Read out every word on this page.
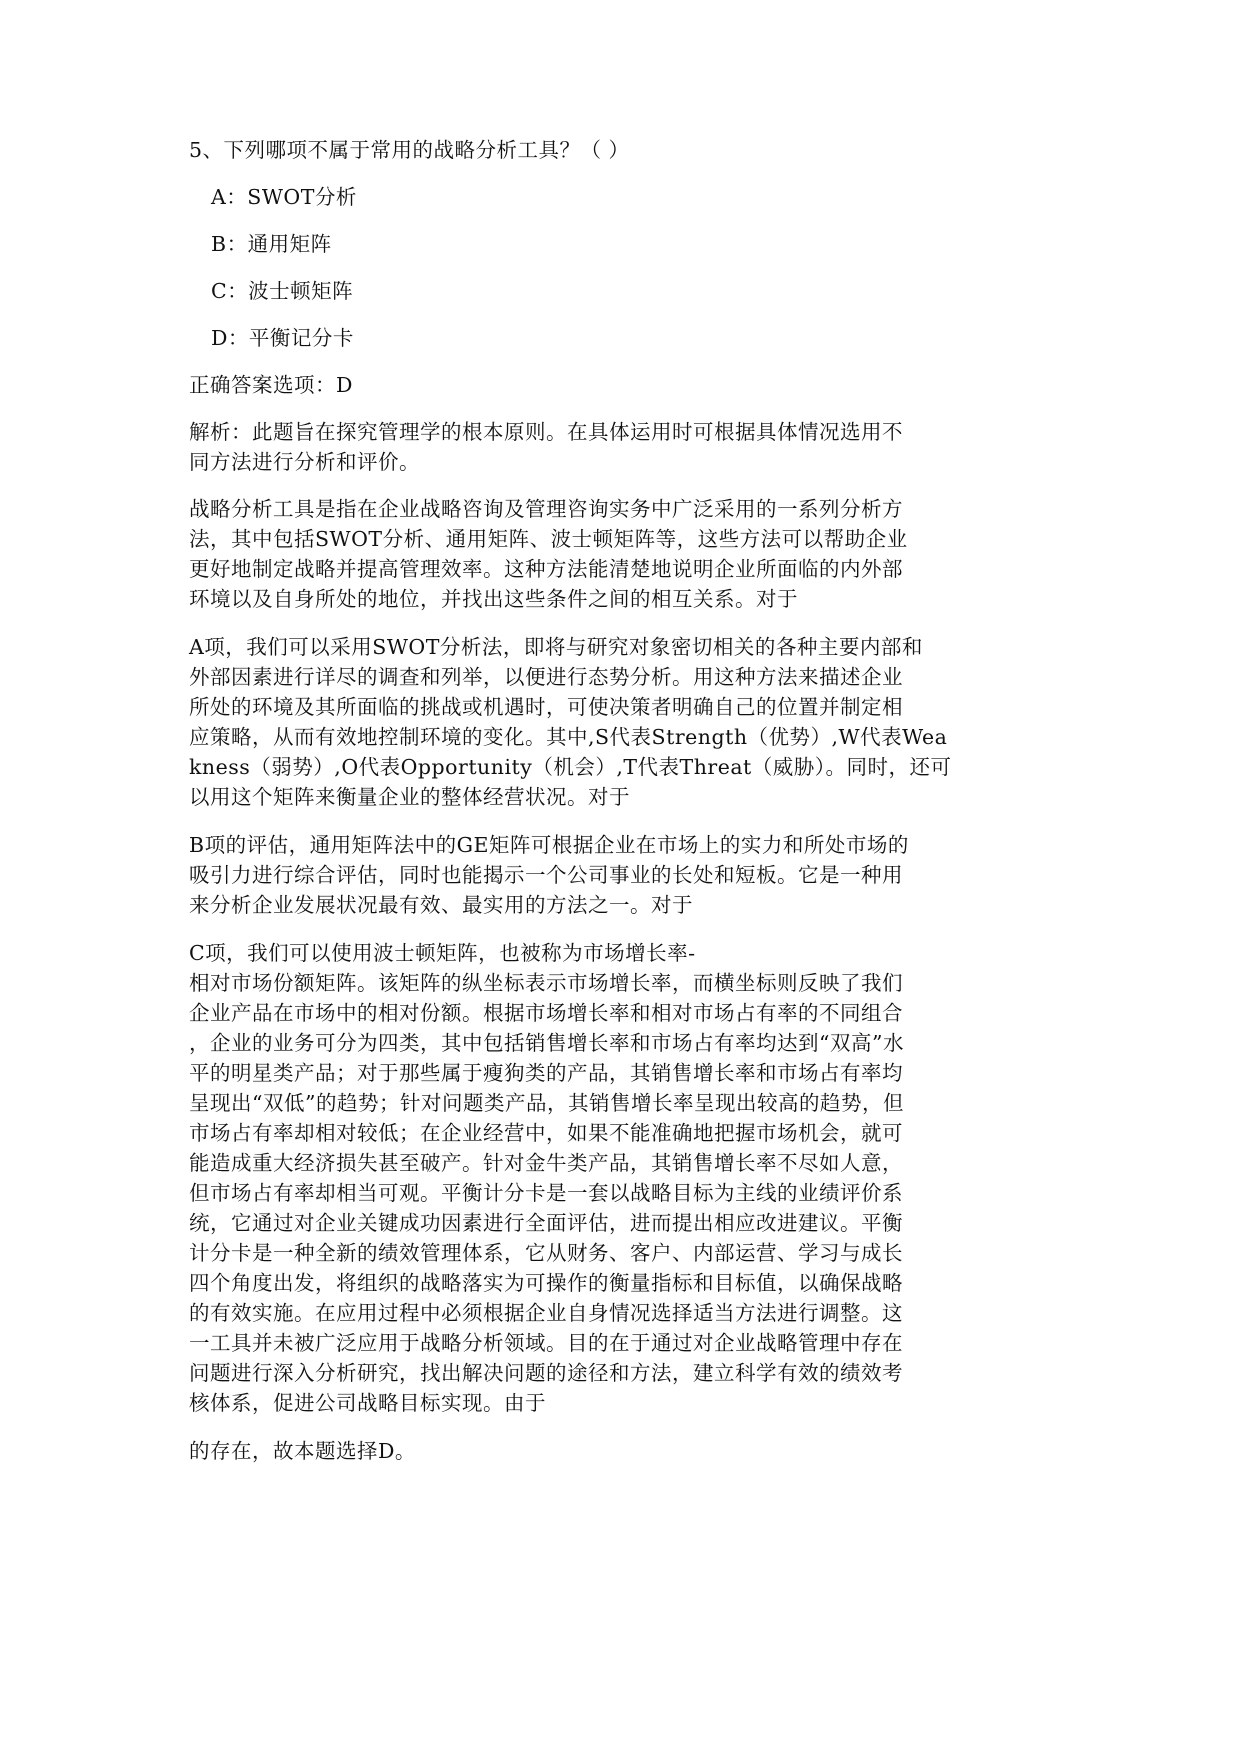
5、下列哪项不属于常用的战略分析工具？（ ）
A：SWOT分析
B：通用矩阵
C：波士顿矩阵
D：平衡记分卡
正确答案选项：D
解析：此题旨在探究管理学的根本原则。在具体运用时可根据具体情况选用不
同方法进行分析和评价。
战略分析工具是指在企业战略咨询及管理咨询实务中广泛采用的一系列分析方
法，其中包括SWOT分析、通用矩阵、波士顿矩阵等，这些方法可以帮助企业
更好地制定战略并提高管理效率。这种方法能清楚地说明企业所面临的内外部
环境以及自身所处的地位，并找出这些条件之间的相互关系。对于
A项，我们可以采用SWOT分析法，即将与研究对象密切相关的各种主要内部和
外部因素进行详尽的调查和列举，以便进行态势分析。用这种方法来描述企业
所处的环境及其所面临的挑战或机遇时，可使决策者明确自己的位置并制定相
应策略，从而有效地控制环境的变化。其中,S代表Strength（优势）,W代表Wea
kness（弱势）,O代表Opportunity（机会）,T代表Threat（威胁）。同时，还可
以用这个矩阵来衡量企业的整体经营状况。对于
B项的评估，通用矩阵法中的GE矩阵可根据企业在市场上的实力和所处市场的
吸引力进行综合评估，同时也能揭示一个公司事业的长处和短板。它是一种用
来分析企业发展状况最有效、最实用的方法之一。对于
C项，我们可以使用波士顿矩阵，也被称为市场增长率-
相对市场份额矩阵。该矩阵的纵坐标表示市场增长率，而横坐标则反映了我们
企业产品在市场中的相对份额。根据市场增长率和相对市场占有率的不同组合
，企业的业务可分为四类，其中包括销售增长率和市场占有率均达到“双高”水
平的明星类产品；对于那些属于瘦狗类的产品，其销售增长率和市场占有率均
呈现出“双低”的趋势；针对问题类产品，其销售增长率呈现出较高的趋势，但
市场占有率却相对较低；在企业经营中，如果不能准确地把握市场机会，就可
能造成重大经济损失甚至破产。针对金牛类产品，其销售增长率不尽如人意，
但市场占有率却相当可观。平衡计分卡是一套以战略目标为主线的业绩评价系
统，它通过对企业关键成功因素进行全面评估，进而提出相应改进建议。平衡
计分卡是一种全新的绩效管理体系，它从财务、客户、内部运营、学习与成长
四个角度出发，将组织的战略落实为可操作的衡量指标和目标值，以确保战略
的有效实施。在应用过程中必须根据企业自身情况选择适当方法进行调整。这
一工具并未被广泛应用于战略分析领域。目的在于通过对企业战略管理中存在
问题进行深入分析研究，找出解决问题的途径和方法，建立科学有效的绩效考
核体系，促进公司战略目标实现。由于
的存在，故本题选择D。
